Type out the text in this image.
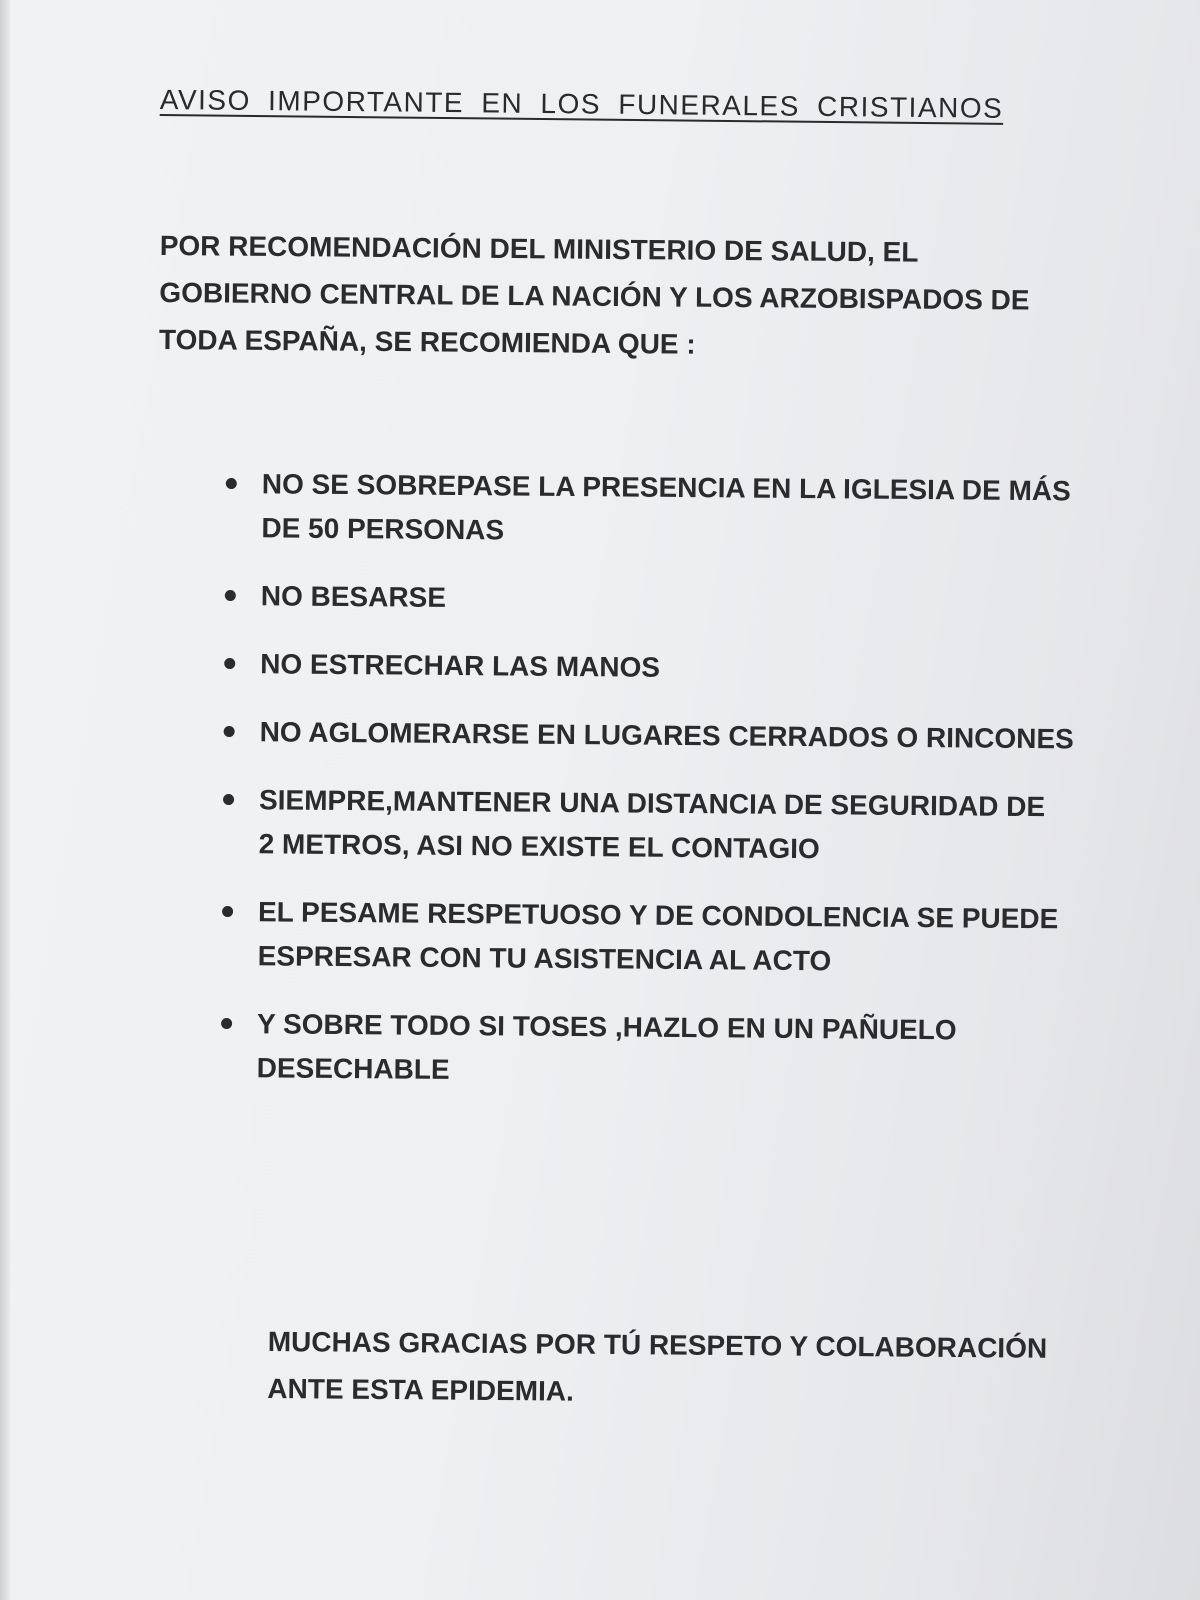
AVISO IMPORTANTE EN LOS FUNERALES CRISTIANOS
POR RECOMENDACIÓN DEL MINISTERIO DE SALUD, EL
GOBIERNO CENTRAL DE LA NACIÓN Y LOS ARZOBISPADOS DE
TODA ESPAÑA, SE RECOMIENDA QUE :
NO SE SOBREPASE LA PRESENCIA EN LA IGLESIA DE MÁS
DE 50 PERSONAS
NO BESARSE
NO ESTRECHAR LAS MANOS
NO AGLOMERARSE EN LUGARES CERRADOS O RINCONES
SIEMPRE,MANTENER UNA DISTANCIA DE SEGURIDAD DE
2 METROS, ASI NO EXISTE EL CONTAGIO
EL PESAME RESPETUOSO Y DE CONDOLENCIA SE PUEDE
ESPRESAR CON TU ASISTENCIA AL ACTO
Y SOBRE TODO SI TOSES ,HAZLO EN UN PAÑUELO
DESECHABLE
MUCHAS GRACIAS POR TÚ RESPETO Y COLABORACIÓN
ANTE ESTA EPIDEMIA.
